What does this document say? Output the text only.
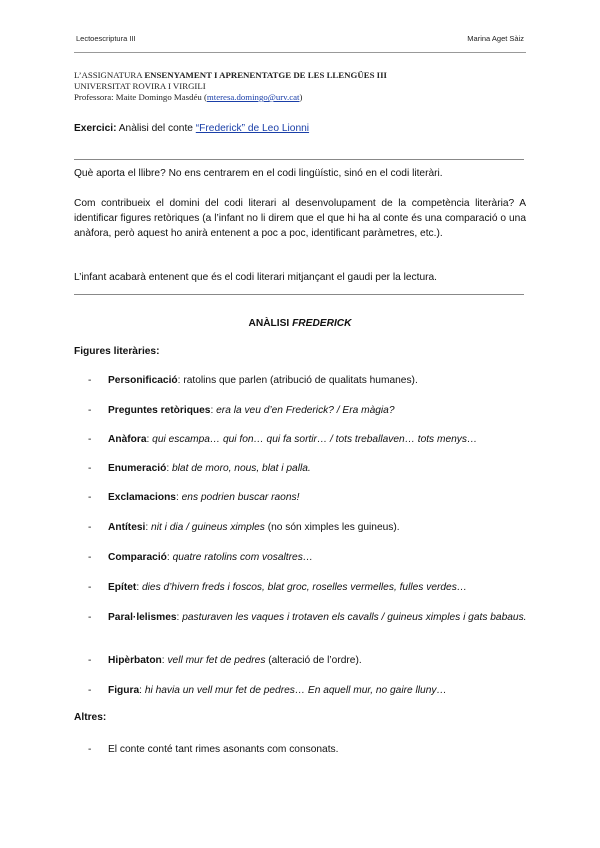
Lectoescriptura III	Marina Aget Sàiz
L’ASSIGNATURA ENSENYAMENT I APRENENTATGE DE LES LLENGÜES III
UNIVERSITAT ROVIRA I VIRGILI
Professora: Maite Domingo Masdéu (mteresa.domingo@urv.cat)
Exercici: Anàlisi del conte “Frederick” de Leo Lionni
Què aporta el llibre? No ens centrarem en el codi lingüístic, sinó en el codi literàri.
Com contribueix el domini del codi literari al desenvolupament de la competència literària? A identificar figures retòriques (a l’infant no li direm que el que hi ha al conte és una comparació o una anàfora, però aquest ho anirà entenent a poc a poc, identificant paràmetres, etc.).
L’infant acabarà entenent que és el codi literari mitjançant el gaudi per la lectura.
ANÀLISI FREDERICK
Figures literàries:
- Personificació: ratolins que parlen (atribució de qualitats humanes).
- Preguntes retòriques: era la veu d’en Frederick? / Era màgia?
- Anàfora: qui escampa… qui fon… qui fa sortir… / tots treballaven… tots menys…
- Enumeració: blat de moro, nous, blat i palla.
- Exclamacions: ens podrien buscar raons!
- Antítesi: nit i dia / guineus ximples (no són ximples les guineus).
- Comparació: quatre ratolins com vosaltres…
- Epítet: dies d’hivern freds i foscos, blat groc, roselles vermelles, fulles verdes…
- Paral·lelismes: pasturaven les vaques i trotaven els cavalls / guineus ximples i gats babaus.
- Hipèrbaton: vell mur fet de pedres (alteració de l’ordre).
- Figura: hi havia un vell mur fet de pedres… En aquell mur, no gaire lluny…
Altres:
- El conte conté tant rimes asonants com consonats.
